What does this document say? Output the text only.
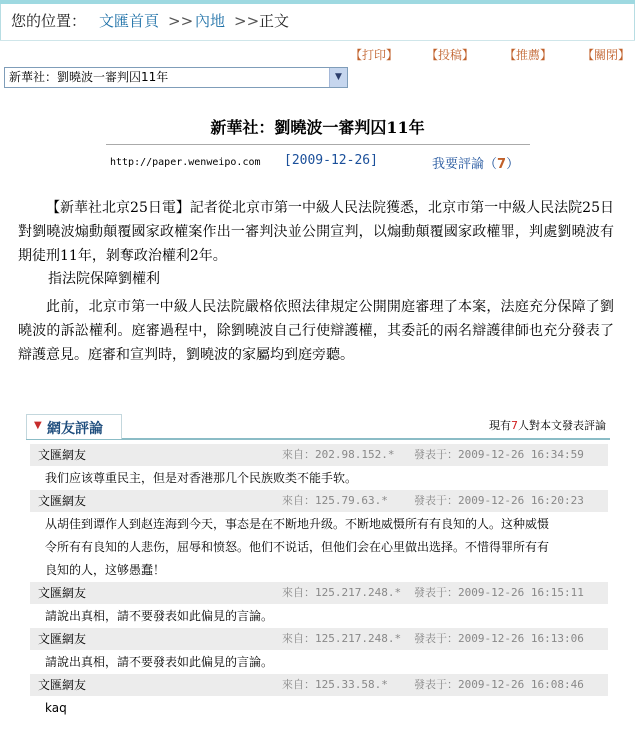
您的位置： 文匯首頁 >> 內地 >> 正文
【打印】 【投稿】 【推薦】 【關閉】
新華社：劉曉波一審判囚11年	▼
新華社：劉曉波一審判囚11年
http://paper.wenweipo.com [2009-12-26]	我要評論（7）

【新華社北京25日電】記者從北京市第一中級人民法院獲悉，北京市第一中級人民法院25日對劉曉波煽動顛覆國家政權案作出一審判決並公開宣判，以煽動顛覆國家政權罪，判處劉曉波有期徒刑11年，剝奪政治權利2年。

指法院保障劉權利

此前，北京市第一中級人民法院嚴格依照法律規定公開開庭審理了本案，法庭充分保障了劉曉波的訴訟權利。庭審過程中，除劉曉波自己行使辯護權，其委託的兩名辯護律師也充分發表了辯護意見。庭審和宣判時，劉曉波的家屬均到庭旁聽。

▼ 網友評論	現有7人對本文發表評論
文匯網友	來自：202.98.152.* 發表于：2009-12-26 16:34:59
我们应该尊重民主，但是对香港那几个民族败类不能手软。
文匯網友	來自：125.79.63.* 發表于：2009-12-26 16:20:23
从胡佳到谭作人到赵连海到今天，事态是在不断地升级。不断地威慑所有有良知的人。这种威慑
令所有有良知的人悲伤，屈辱和愤怒。他们不说话，但他们会在心里做出选择。不惜得罪所有有
良知的人，这够愚蠢！
文匯網友	來自：125.217.248.* 發表于：2009-12-26 16:15:11
請說出真相，請不要發表如此偏見的言論。
文匯網友	來自：125.217.248.* 發表于：2009-12-26 16:13:06
請說出真相，請不要發表如此偏見的言論。
文匯網友	來自：125.33.58.* 發表于：2009-12-26 16:08:46
kaq
